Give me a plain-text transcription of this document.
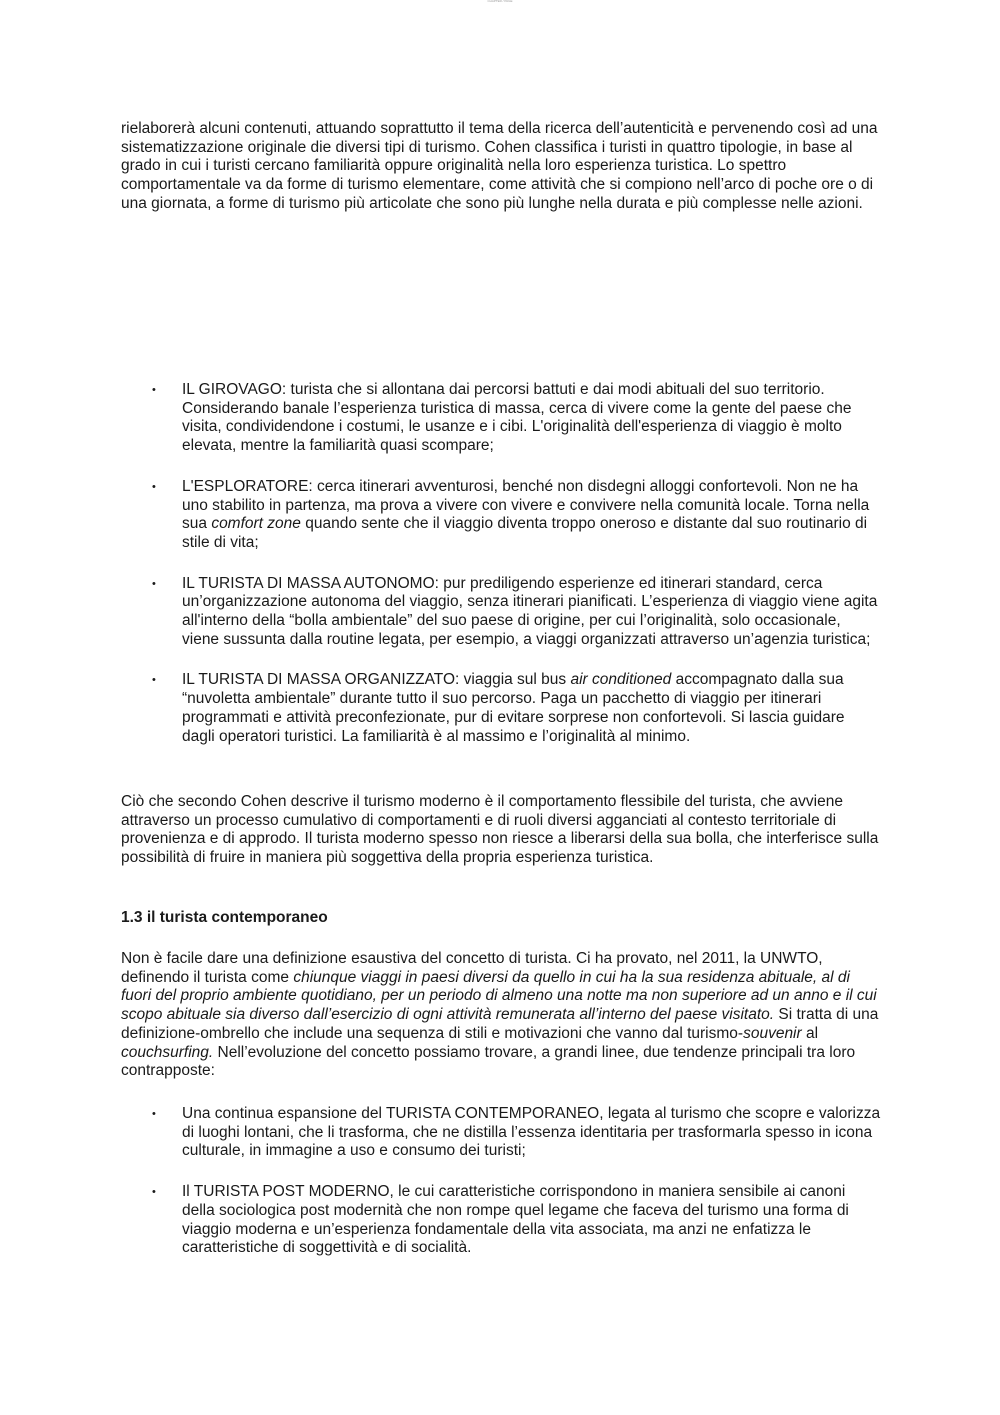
CHAPTER / PAGE

rielaborerà alcuni contenuti, attuando soprattutto il tema della ricerca dell’autenticità e pervenendo così ad una sistematizzazione originale die diversi tipi di turismo. Cohen classifica i turisti in quattro tipologie, in base al grado in cui i turisti cercano familiarità oppure originalità nella loro esperienza turistica. Lo spettro comportamentale va da forme di turismo elementare, come attività che si compiono nell’arco di poche ore o di una giornata, a forme di turismo più articolate che sono più lunghe nella durata e più complesse nelle azioni.

• IL GIROVAGO: turista che si allontana dai percorsi battuti e dai modi abituali del suo territorio. Considerando banale l’esperienza turistica di massa, cerca di vivere come la gente del paese che visita, condividendone i costumi, le usanze e i cibi. L'originalità dell'esperienza di viaggio è molto elevata, mentre la familiarità quasi scompare;
• L'ESPLORATORE: cerca itinerari avventurosi, benché non disdegni alloggi confortevoli. Non ne ha uno stabilito in partenza, ma prova a vivere con vivere e convivere nella comunità locale. Torna nella sua comfort zone quando sente che il viaggio diventa troppo oneroso e distante dal suo routinario di stile di vita;
• IL TURISTA DI MASSA AUTONOMO: pur prediligendo esperienze ed itinerari standard, cerca un’organizzazione autonoma del viaggio, senza itinerari pianificati. L’esperienza di viaggio viene agita all'interno della “bolla ambientale” del suo paese di origine, per cui l’originalità, solo occasionale, viene sussunta dalla routine legata, per esempio, a viaggi organizzati attraverso un’agenzia turistica;
• IL TURISTA DI MASSA ORGANIZZATO: viaggia sul bus air conditioned accompagnato dalla sua “nuvoletta ambientale” durante tutto il suo percorso. Paga un pacchetto di viaggio per itinerari programmati e attività preconfezionate, pur di evitare sorprese non confortevoli. Si lascia guidare dagli operatori turistici. La familiarità è al massimo e l’originalità al minimo.

Ciò che secondo Cohen descrive il turismo moderno è il comportamento flessibile del turista, che avviene attraverso un processo cumulativo di comportamenti e di ruoli diversi agganciati al contesto territoriale di provenienza e di approdo. Il turista moderno spesso non riesce a liberarsi della sua bolla, che interferisce sulla possibilità di fruire in maniera più soggettiva della propria esperienza turistica.

1.3 il turista contemporaneo

Non è facile dare una definizione esaustiva del concetto di turista. Ci ha provato, nel 2011, la UNWTO, definendo il turista come chiunque viaggi in paesi diversi da quello in cui ha la sua residenza abituale, al di fuori del proprio ambiente quotidiano, per un periodo di almeno una notte ma non superiore ad un anno e il cui scopo abituale sia diverso dall’esercizio di ogni attività remunerata all’interno del paese visitato. Si tratta di una definizione-ombrello che include una sequenza di stili e motivazioni che vanno dal turismo-souvenir al couchsurfing. Nell’evoluzione del concetto possiamo trovare, a grandi linee, due tendenze principali tra loro contrapposte:

• Una continua espansione del TURISTA CONTEMPORANEO, legata al turismo che scopre e valorizza di luoghi lontani, che li trasforma, che ne distilla l’essenza identitaria per trasformarla spesso in icona culturale, in immagine a uso e consumo dei turisti;
• Il TURISTA POST MODERNO, le cui caratteristiche corrispondono in maniera sensibile ai canoni della sociologica post modernità che non rompe quel legame che faceva del turismo una forma di viaggio moderna e un’esperienza fondamentale della vita associata, ma anzi ne enfatizza le caratteristiche di soggettività e di socialità.
